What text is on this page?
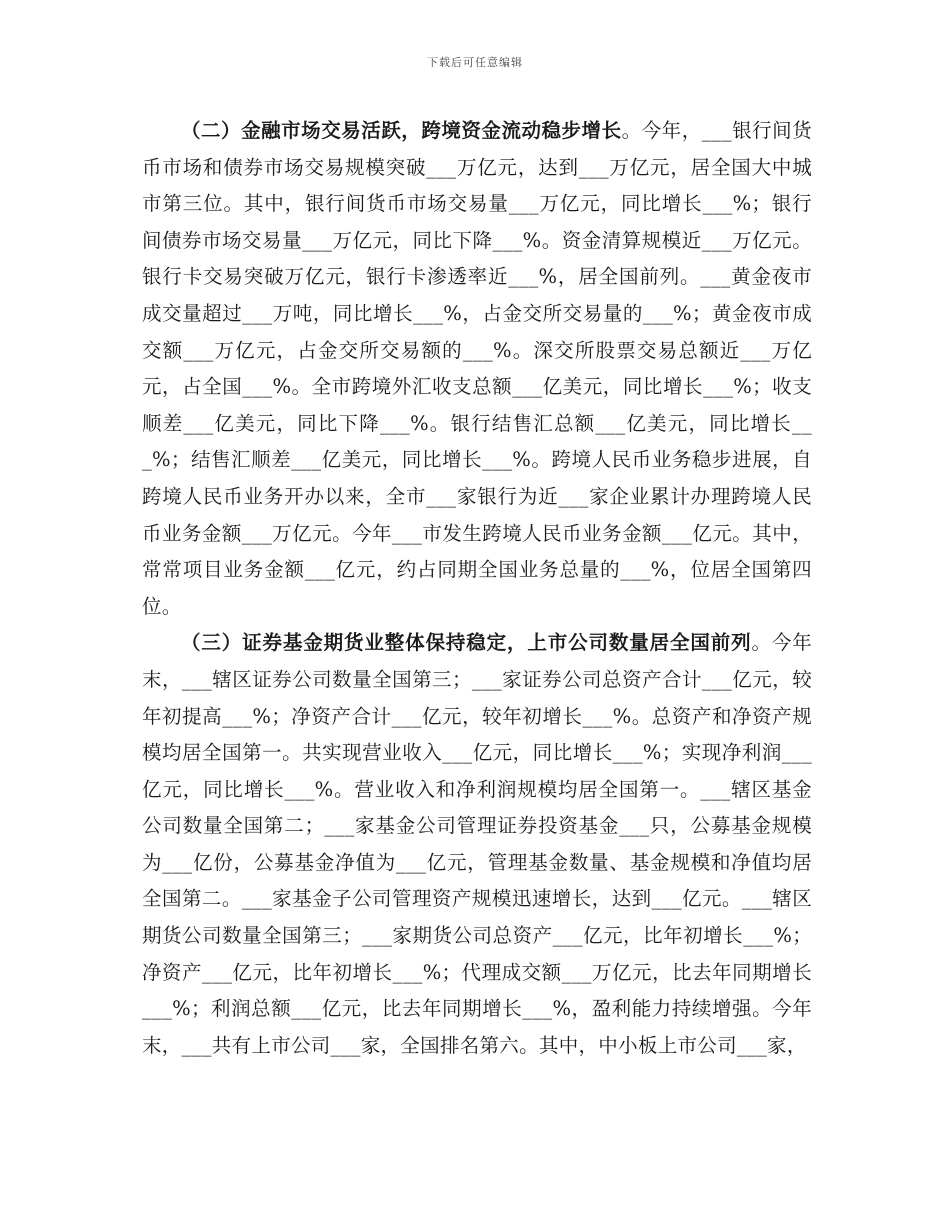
下载后可任意编辑

（二）金融市场交易活跃，跨境资金流动稳步增长。今年，___银行间货币市场和债券市场交易规模突破___万亿元，达到___万亿元，居全国大中城市第三位。其中，银行间货币市场交易量___万亿元，同比增长___%；银行间债券市场交易量___万亿元，同比下降___%。资金清算规模近___万亿元。银行卡交易突破万亿元，银行卡渗透率近___%，居全国前列。___黄金夜市成交量超过___万吨，同比增长___%，占金交所交易量的___%；黄金夜市成交额___万亿元，占金交所交易额的___%。深交所股票交易总额近___万亿元，占全国___%。全市跨境外汇收支总额___亿美元，同比增长___%；收支顺差___亿美元，同比下降___%。银行结售汇总额___亿美元，同比增长___%；结售汇顺差___亿美元，同比增长___%。跨境人民币业务稳步进展，自跨境人民币业务开办以来，全市___家银行为近___家企业累计办理跨境人民币业务金额___万亿元。今年___市发生跨境人民币业务金额___亿元。其中，常常项目业务金额___亿元，约占同期全国业务总量的___%，位居全国第四位。

（三）证券基金期货业整体保持稳定，上市公司数量居全国前列。今年末，___辖区证券公司数量全国第三；___家证券公司总资产合计___亿元，较年初提高___%；净资产合计___亿元，较年初增长___%。总资产和净资产规模均居全国第一。共实现营业收入___亿元，同比增长___%；实现净利润___亿元，同比增长___%。营业收入和净利润规模均居全国第一。___辖区基金公司数量全国第二；___家基金公司管理证券投资基金___只，公募基金规模为___亿份，公募基金净值为___亿元，管理基金数量、基金规模和净值均居全国第二。___家基金子公司管理资产规模迅速增长，达到___亿元。___辖区期货公司数量全国第三；___家期货公司总资产___亿元，比年初增长___%；净资产___亿元，比年初增长___%；代理成交额___万亿元，比去年同期增长___%；利润总额___亿元，比去年同期增长___%，盈利能力持续增强。今年末，___共有上市公司___家，全国排名第六。其中，中小板上市公司___家，
